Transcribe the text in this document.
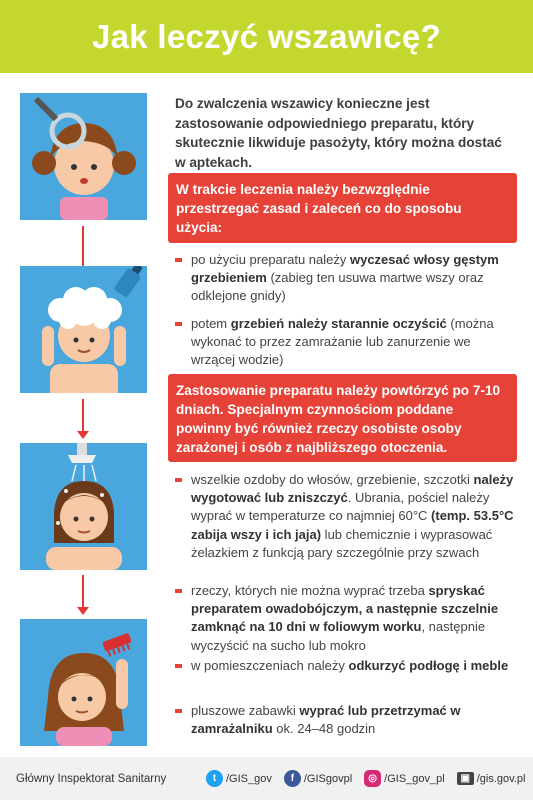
Jak leczyć wszawicę?

Do zwalczenia wszawicy konieczne jest zastosowanie odpowiedniego preparatu, który skutecznie likwiduje pasożyty, który można dostać w aptekach.

W trakcie leczenia należy bezwzględnie przestrzegać zasad i zaleceń co do sposobu użycia:
po użyciu preparatu należy wyczesać włosy gęstym grzebieniem (zabieg ten usuwa martwe wszy oraz odklejone gnidy)
potem grzebień należy starannie oczyścić (można wykonać to przez zamrażanie lub zanurzenie we wrzącej wodzie)
Zastosowanie preparatu należy powtórzyć po 7-10 dniach. Specjalnym czynnościom poddane powinny być również rzeczy osobiste osoby zarażonej i osób z najbliższego otoczenia.
wszelkie ozdoby do włosów, grzebienie, szczotki należy wygotować lub zniszczyć. Ubrania, pościel należy wyprać w temperaturze co najmniej 60°C (temp. 53.5°C zabija wszy i ich jaja) lub chemicznie i wyprasować żelazkiem z funkcją pary szczególnie przy szwach
rzeczy, których nie można wyprać trzeba spryskać preparatem owadobójczym, a następnie szczelnie zamknąć na 10 dni w foliowym worku, następnie wyczyścić na sucho lub mokro
w pomieszczeniach należy odkurzyć podłogę i meble
pluszowe zabawki wyprać lub przetrzymać w zamrażalniku ok. 24–48 godzin
Główny Inspektorat Sanitarny	t /GIS_gov	f /GISgovpl	◎ /GIS_gov_pl	▣ /gis.gov.pl
